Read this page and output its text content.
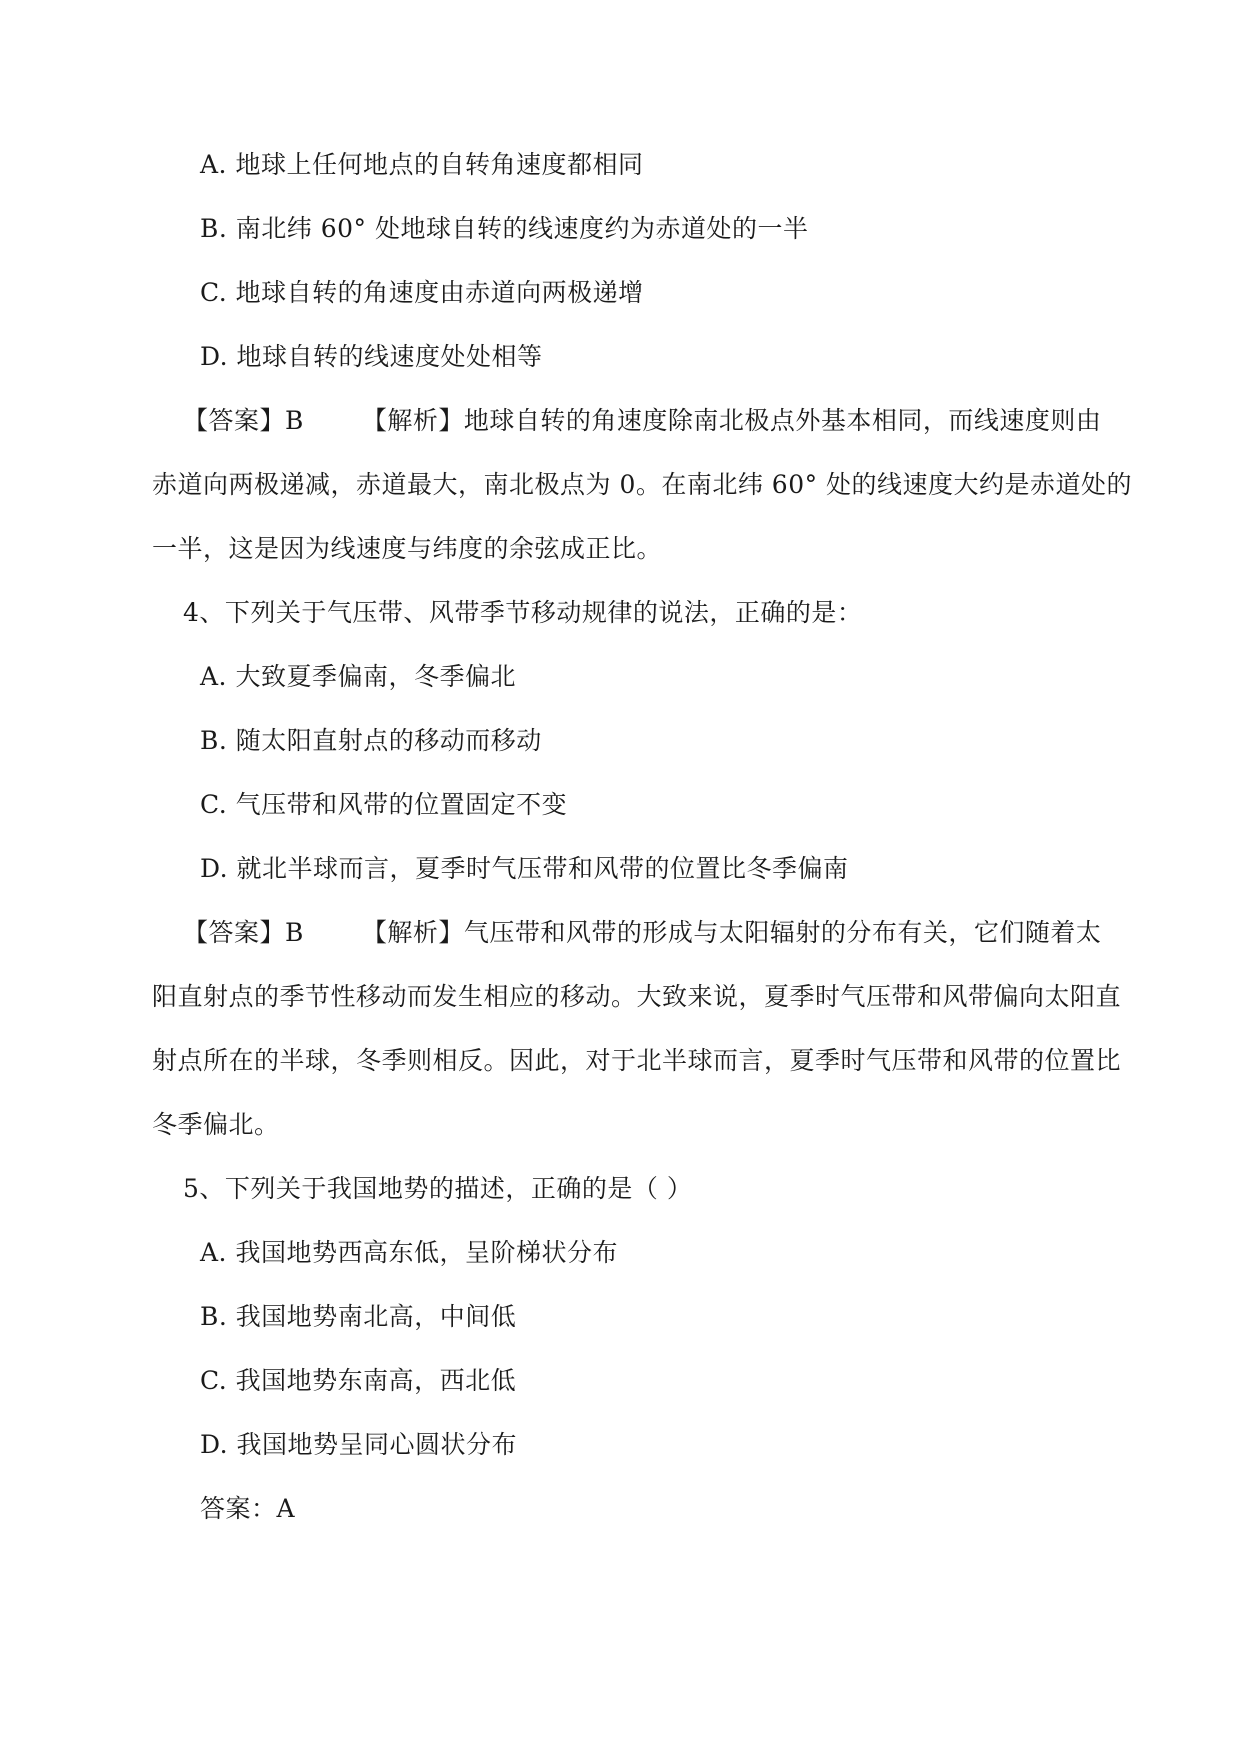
A. 地球上任何地点的自转角速度都相同
B. 南北纬 60° 处地球自转的线速度约为赤道处的一半
C. 地球自转的角速度由赤道向两极递增
D. 地球自转的线速度处处相等
【答案】B 【解析】地球自转的角速度除南北极点外基本相同，而线速度则由
赤道向两极递减，赤道最大，南北极点为 0。在南北纬 60° 处的线速度大约是赤道处的
一半，这是因为线速度与纬度的余弦成正比。
4、下列关于气压带、风带季节移动规律的说法，正确的是：
A. 大致夏季偏南，冬季偏北
B. 随太阳直射点的移动而移动
C. 气压带和风带的位置固定不变
D. 就北半球而言，夏季时气压带和风带的位置比冬季偏南
【答案】B 【解析】气压带和风带的形成与太阳辐射的分布有关，它们随着太
阳直射点的季节性移动而发生相应的移动。大致来说，夏季时气压带和风带偏向太阳直
射点所在的半球，冬季则相反。因此，对于北半球而言，夏季时气压带和风带的位置比
冬季偏北。
5、下列关于我国地势的描述，正确的是（ ）
A. 我国地势西高东低，呈阶梯状分布
B. 我国地势南北高，中间低
C. 我国地势东南高，西北低
D. 我国地势呈同心圆状分布
答案：A
